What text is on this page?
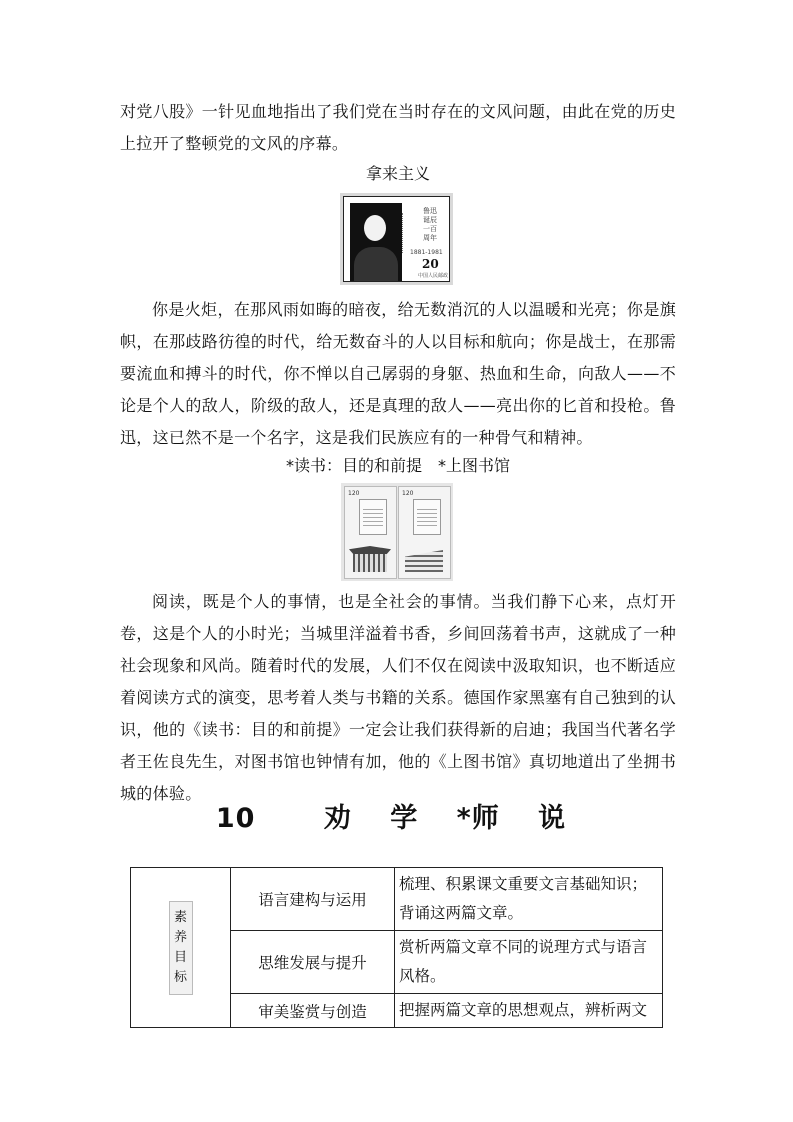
对党八股》一针见血地指出了我们党在当时存在的文风问题，由此在党的历史上拉开了整顿党的文风的序幕。

拿来主义
鲁迅诞辰一百周年
1881-1981
20
中国人民邮政

你是火炬，在那风雨如晦的暗夜，给无数消沉的人以温暖和光亮；你是旗帜，在那歧路彷徨的时代，给无数奋斗的人以目标和航向；你是战士，在那需要流血和搏斗的时代，你不惮以自己孱弱的身躯、热血和生命，向敌人——不论是个人的敌人，阶级的敌人，还是真理的敌人——亮出你的匕首和投枪。鲁迅，这已然不是一个名字，这是我们民族应有的一种骨气和精神。

*读书：目的和前提　*上图书馆
120	120

阅读，既是个人的事情，也是全社会的事情。当我们静下心来，点灯开卷，这是个人的小时光；当城里洋溢着书香，乡间回荡着书声，这就成了一种社会现象和风尚。随着时代的发展，人们不仅在阅读中汲取知识，也不断适应着阅读方式的演变，思考着人类与书籍的关系。德国作家黑塞有自己独到的认识，他的《读书：目的和前提》一定会让我们获得新的启迪；我国当代著名学者王佐良先生，对图书馆也钟情有加，他的《上图书馆》真切地道出了坐拥书城的体验。

10	劝 学 *师 说
素
养
目
标	语言建构与运用	梳理、积累课文重要文言基础知识；背诵这两篇文章。
	思维发展与提升	赏析两篇文章不同的说理方式与语言风格。
	审美鉴赏与创造	把握两篇文章的思想观点，辨析两文
